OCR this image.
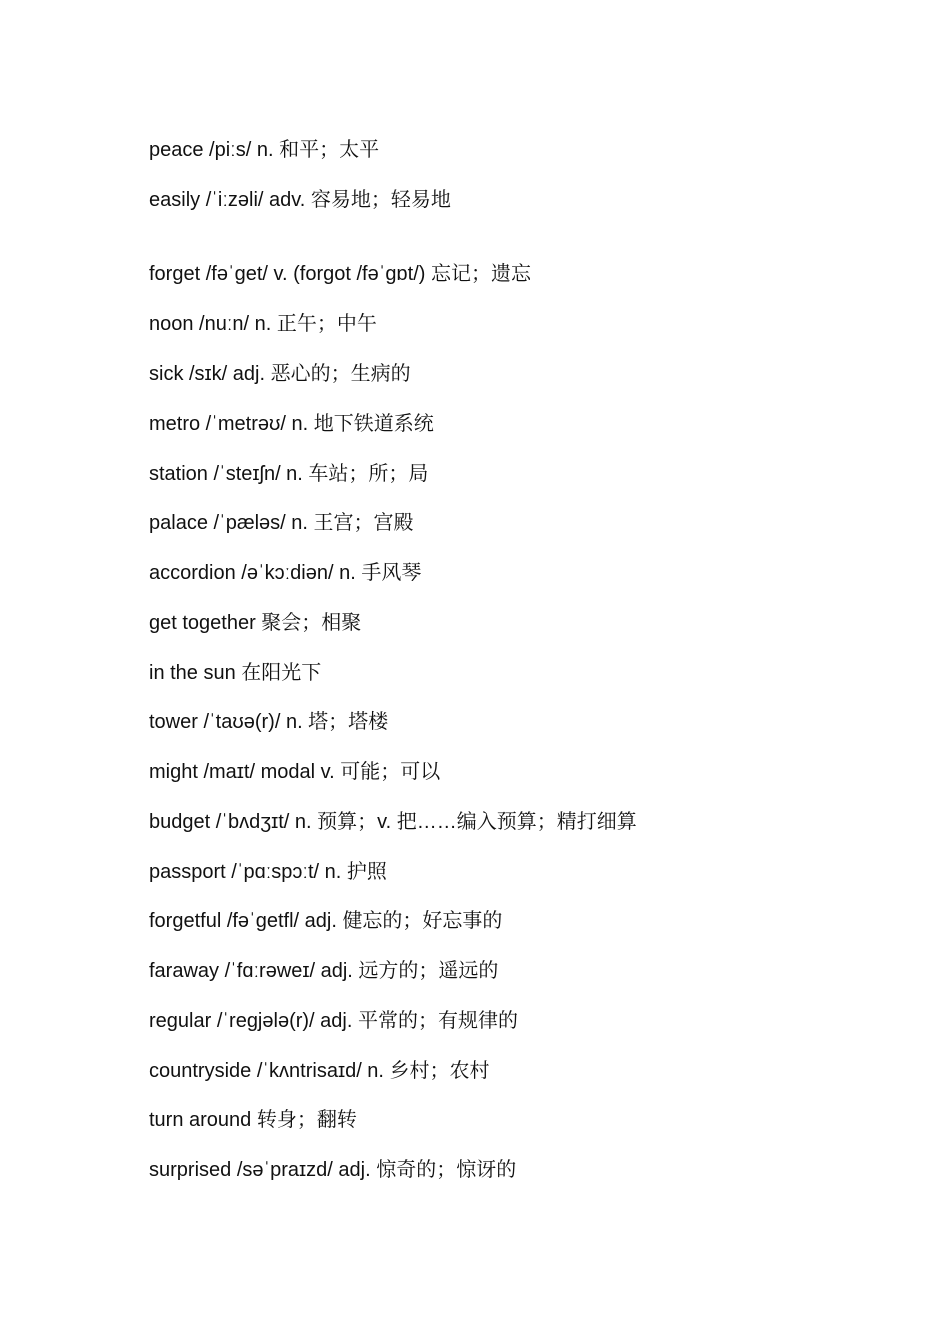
peace /piːs/ n. 和平；太平
easily /ˈiːzəli/ adv. 容易地；轻易地
forget /fəˈɡet/ v. (forgot /fəˈɡɒt/) 忘记；遗忘
noon /nuːn/ n. 正午；中午
sick /sɪk/ adj. 恶心的；生病的
metro /ˈmetrəʊ/ n. 地下铁道系统
station /ˈsteɪʃn/ n. 车站；所；局
palace /ˈpæləs/ n. 王宫；宫殿
accordion /əˈkɔːdiən/ n. 手风琴
get together 聚会；相聚
in the sun 在阳光下
tower /ˈtaʊə(r)/ n. 塔；塔楼
might /maɪt/ modal v. 可能；可以
budget /ˈbʌdʒɪt/ n. 预算；v. 把……编入预算；精打细算
passport /ˈpɑːspɔːt/ n. 护照
forgetful /fəˈɡetfl/ adj. 健忘的；好忘事的
faraway /ˈfɑːrəweɪ/ adj. 远方的；遥远的
regular /ˈreɡjələ(r)/ adj. 平常的；有规律的
countryside /ˈkʌntrisaɪd/ n. 乡村；农村
turn around 转身；翻转
surprised /səˈpraɪzd/ adj. 惊奇的；惊讶的
